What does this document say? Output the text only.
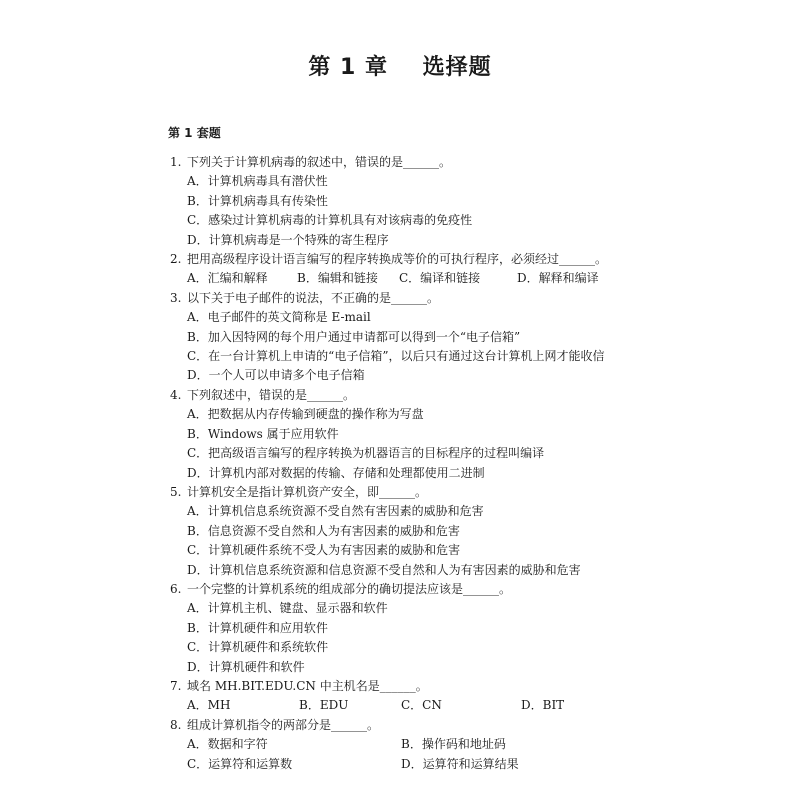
第 1 章    选择题
第 1 套题
1. 下列关于计算机病毒的叙述中，错误的是______。
A．计算机病毒具有潜伏性
B．计算机病毒具有传染性
C．感染过计算机病毒的计算机具有对该病毒的免疫性
D．计算机病毒是一个特殊的寄生程序
2. 把用高级程序设计语言编写的程序转换成等价的可执行程序，必须经过______。
A．汇编和解释	B．编辑和链接	C．编译和链接	D．解释和编译
3. 以下关于电子邮件的说法，不正确的是______。
A．电子邮件的英文简称是 E-mail
B．加入因特网的每个用户通过申请都可以得到一个“电子信箱”
C．在一台计算机上申请的“电子信箱”，以后只有通过这台计算机上网才能收信
D．一个人可以申请多个电子信箱
4. 下列叙述中，错误的是______。
A．把数据从内存传输到硬盘的操作称为写盘
B．Windows 属于应用软件
C．把高级语言编写的程序转换为机器语言的目标程序的过程叫编译
D．计算机内部对数据的传输、存储和处理都使用二进制
5. 计算机安全是指计算机资产安全，即______。
A．计算机信息系统资源不受自然有害因素的威胁和危害
B．信息资源不受自然和人为有害因素的威胁和危害
C．计算机硬件系统不受人为有害因素的威胁和危害
D．计算机信息系统资源和信息资源不受自然和人为有害因素的威胁和危害
6. 一个完整的计算机系统的组成部分的确切提法应该是______。
A．计算机主机、键盘、显示器和软件
B．计算机硬件和应用软件
C．计算机硬件和系统软件
D．计算机硬件和软件
7. 域名 MH.BIT.EDU.CN 中主机名是______。
A．MH	B．EDU	C．CN	D．BIT
8. 组成计算机指令的两部分是______。
A．数据和字符	B．操作码和地址码
C．运算符和运算数	D．运算符和运算结果
